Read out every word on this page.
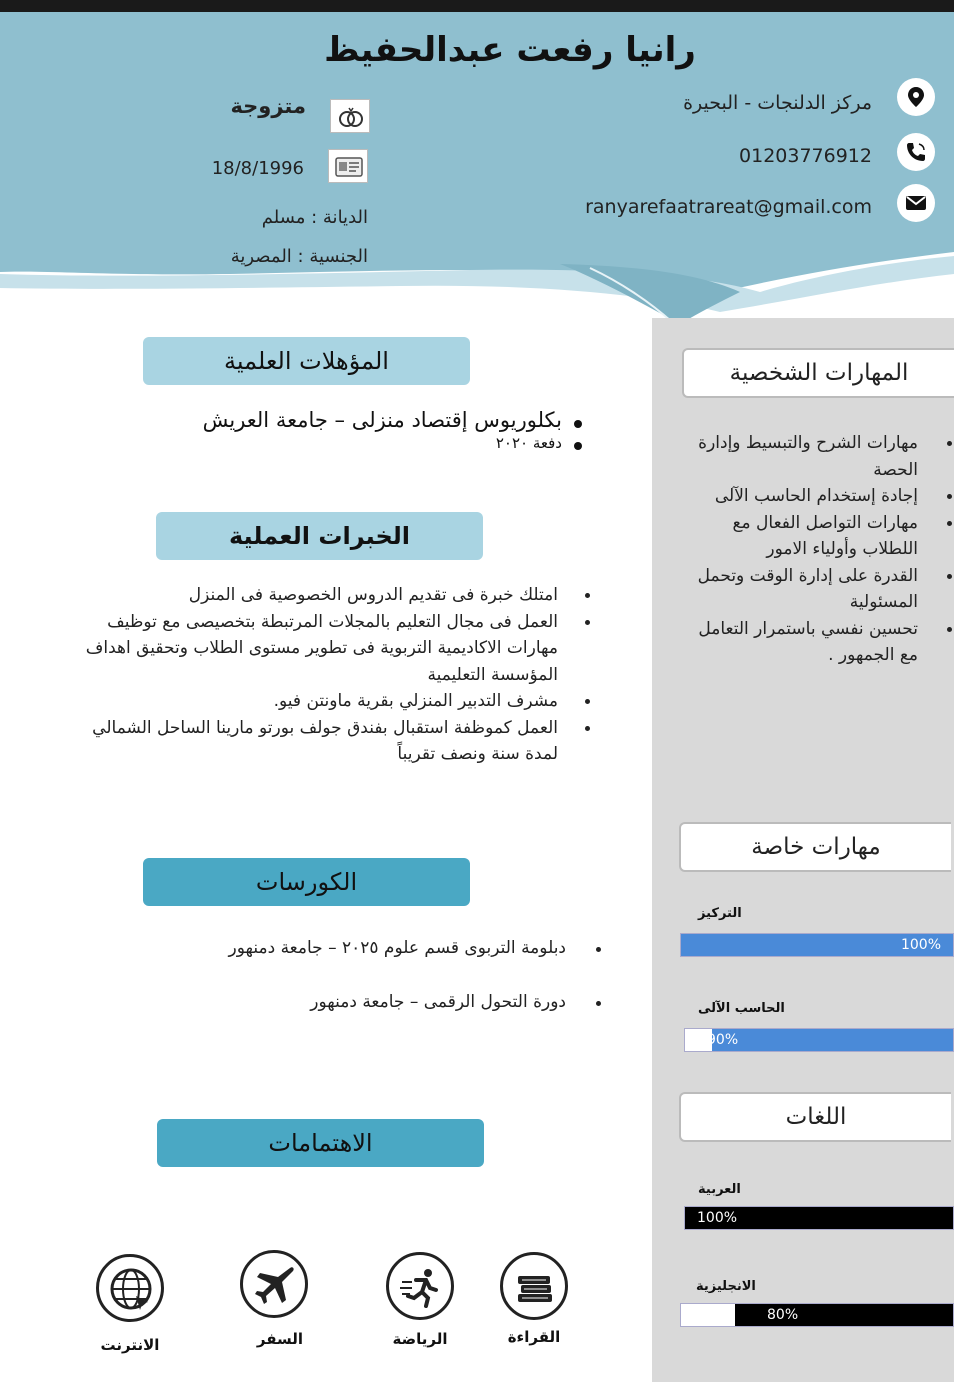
رانيا رفعت عبدالحفيظ
مركز الدلنجات - البحيرة
01203776912
ranyarefaatrareat@gmail.com
متزوجة
18/8/1996
الديانة : مسلم
الجنسية : المصرية
المؤهلات العلمية
بكلوريوس إقتصاد منزلى – جامعة العريش
دفعة ٢٠٢٠
الخبرات العملية
امتلك خبرة فى تقديم الدروس الخصوصية فى المنزل
العمل فى مجال التعليم بالمجلات المرتبطة بتخصيصى مع توظيف مهارات الاكاديمية التربوية فى تطوير مستوى الطلاب وتحقيق اهداف المؤسسة التعليمية
مشرف التدبير المنزلي بقرية ماونتن فيو.
العمل كموظفة استقبال بفندق جولف بورتو مارينا الساحل الشمالي لمدة سنة ونصف تقريباً
الكورسات
دبلومة التربوى قسم علوم ٢٠٢٥ – جامعة دمنهور
دورة التحول الرقمى – جامعة دمنهور
الاهتمامات
القراءة
الرياضة
السفر
الانترنت
المهارات الشخصية
مهارات الشرح والتبسيط وإدارة الحصة
إجادة إستخدام الحاسب الآلى
مهارات التواصل الفعال مع اللطلاب وأولياء الامور
القدرة على إدارة الوقت وتحمل المسئولية
تحسين نفسي باستمرار التعامل مع الجمهور .
مهارات خاصة
التركيز
100%
الحاسب الآلى
90%
اللغات
العربية
100%
الانجليزية
80%
